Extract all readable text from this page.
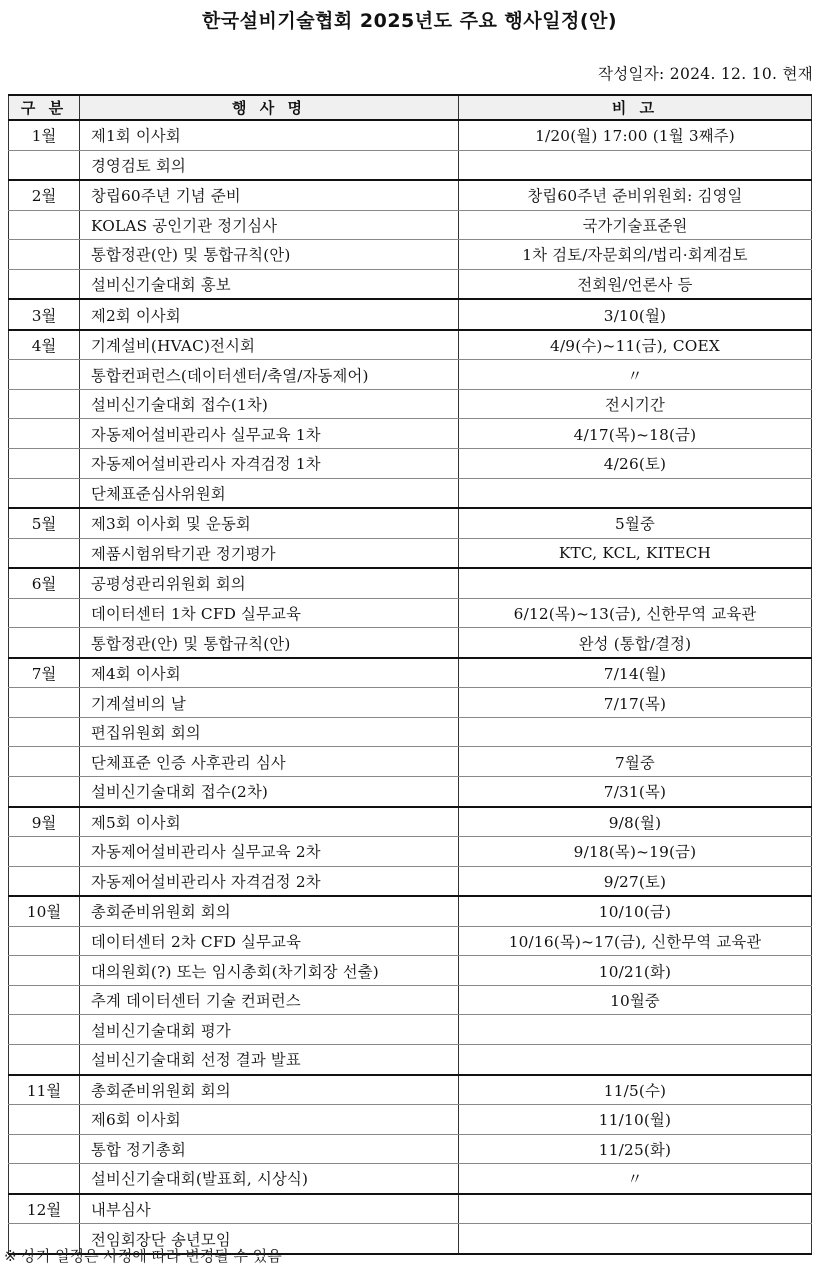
한국설비기술협회 2025년도 주요 행사일정(안)
작성일자: 2024. 12. 10. 현재
구 분	행 사 명	비 고
1월	제1회 이사회	1/20(월) 17:00 (1월 3째주)
	경영검토 회의	
2월	창립60주년 기념 준비	창립60주년 준비위원회: 김영일
	KOLAS 공인기관 정기심사	국가기술표준원
	통합정관(안) 및 통합규칙(안)	1차 검토/자문회의/법리·회계검토
	설비신기술대회 홍보	전회원/언론사 등
3월	제2회 이사회	3/10(월)
4월	기계설비(HVAC)전시회	4/9(수)~11(금), COEX
	통합컨퍼런스(데이터센터/축열/자동제어)	〃
	설비신기술대회 접수(1차)	전시기간
	자동제어설비관리사 실무교육 1차	4/17(목)~18(금)
	자동제어설비관리사 자격검정 1차	4/26(토)
	단체표준심사위원회	
5월	제3회 이사회 및 운동회	5월중
	제품시험위탁기관 정기평가	KTC, KCL, KITECH
6월	공평성관리위원회 회의	
	데이터센터 1차 CFD 실무교육	6/12(목)~13(금), 신한무역 교육관
	통합정관(안) 및 통합규칙(안)	완성 (통합/결정)
7월	제4회 이사회	7/14(월)
	기계설비의 날	7/17(목)
	편집위원회 회의	
	단체표준 인증 사후관리 심사	7월중
	설비신기술대회 접수(2차)	7/31(목)
9월	제5회 이사회	9/8(월)
	자동제어설비관리사 실무교육 2차	9/18(목)~19(금)
	자동제어설비관리사 자격검정 2차	9/27(토)
10월	총회준비위원회 회의	10/10(금)
	데이터센터 2차 CFD 실무교육	10/16(목)~17(금), 신한무역 교육관
	대의원회(?) 또는 임시총회(차기회장 선출)	10/21(화)
	추계 데이터센터 기술 컨퍼런스	10월중
	설비신기술대회 평가	
	설비신기술대회 선정 결과 발표	
11월	총회준비위원회 회의	11/5(수)
	제6회 이사회	11/10(월)
	통합 정기총회	11/25(화)
	설비신기술대회(발표회, 시상식)	〃
12월	내부심사	
	전임회장단 송년모임	
※ 상기 일정은 사정에 따라 변경될 수 있음
